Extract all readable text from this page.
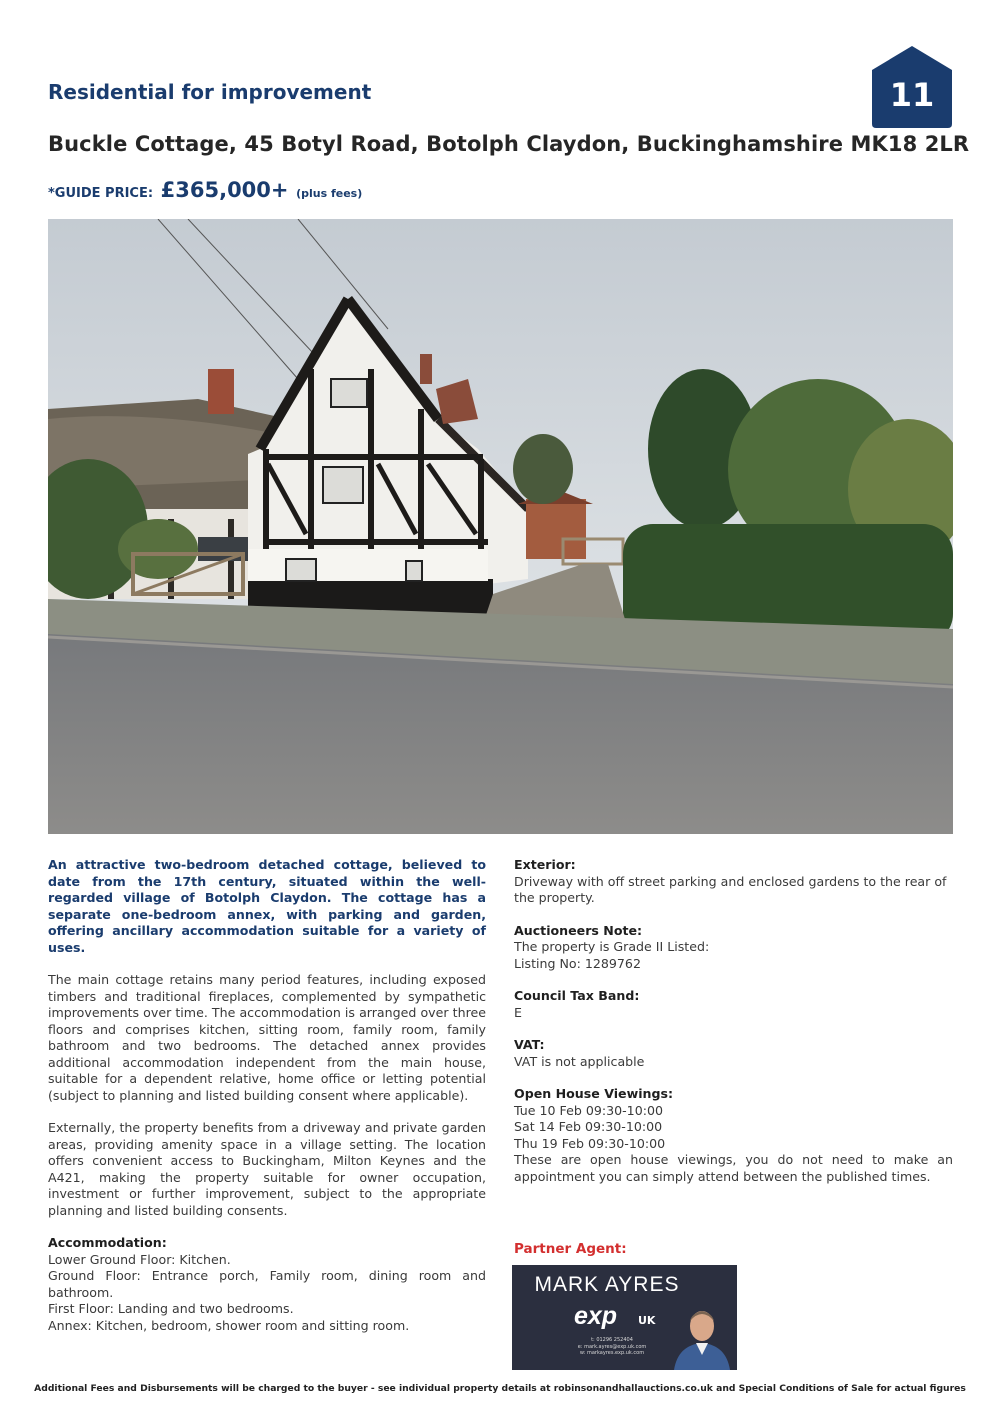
Residential for improvement	11
Buckle Cottage, 45 Botyl Road, Botolph Claydon, Buckinghamshire MK18 2LR
*GUIDE PRICE: £365,000+ (plus fees)

An attractive two-bedroom detached cottage, believed to date from the 17th century, situated within the well-regarded village of Botolph Claydon. The cottage has a separate one-bedroom annex, with parking and garden, offering ancillary accommodation suitable for a variety of uses.

The main cottage retains many period features, including exposed timbers and traditional fireplaces, complemented by sympathetic improvements over time. The accommodation is arranged over three floors and comprises kitchen, sitting room, family room, family bathroom and two bedrooms. The detached annex provides additional accommodation independent from the main house, suitable for a dependent relative, home office or letting potential (subject to planning and listed building consent where applicable).

Externally, the property benefits from a driveway and private garden areas, providing amenity space in a village setting. The location offers convenient access to Buckingham, Milton Keynes and the A421, making the property suitable for owner occupation, investment or further improvement, subject to the appropriate planning and listed building consents.

Accommodation:
Lower Ground Floor: Kitchen.
Ground Floor: Entrance porch, Family room, dining room and bathroom.
First Floor: Landing and two bedrooms.
Annex: Kitchen, bedroom, shower room and sitting room.
Exterior:
Driveway with off street parking and enclosed gardens to the rear of the property.
Auctioneers Note:
The property is Grade II Listed:
Listing No: 1289762
Council Tax Band:
E
VAT:
VAT is not applicable
Open House Viewings:
Tue 10 Feb 09:30-10:00
Sat 14 Feb 09:30-10:00
Thu 19 Feb 09:30-10:00
These are open house viewings, you do not need to make an appointment you can simply attend between the published times.
Partner Agent:
MARK AYRES
exp UK
t: 01296 252404
e: mark.ayres@exp.uk.com
w: markayres.exp.uk.com
Additional Fees and Disbursements will be charged to the buyer - see individual property details at robinsonandhallauctions.co.uk and Special Conditions of Sale for actual figures
